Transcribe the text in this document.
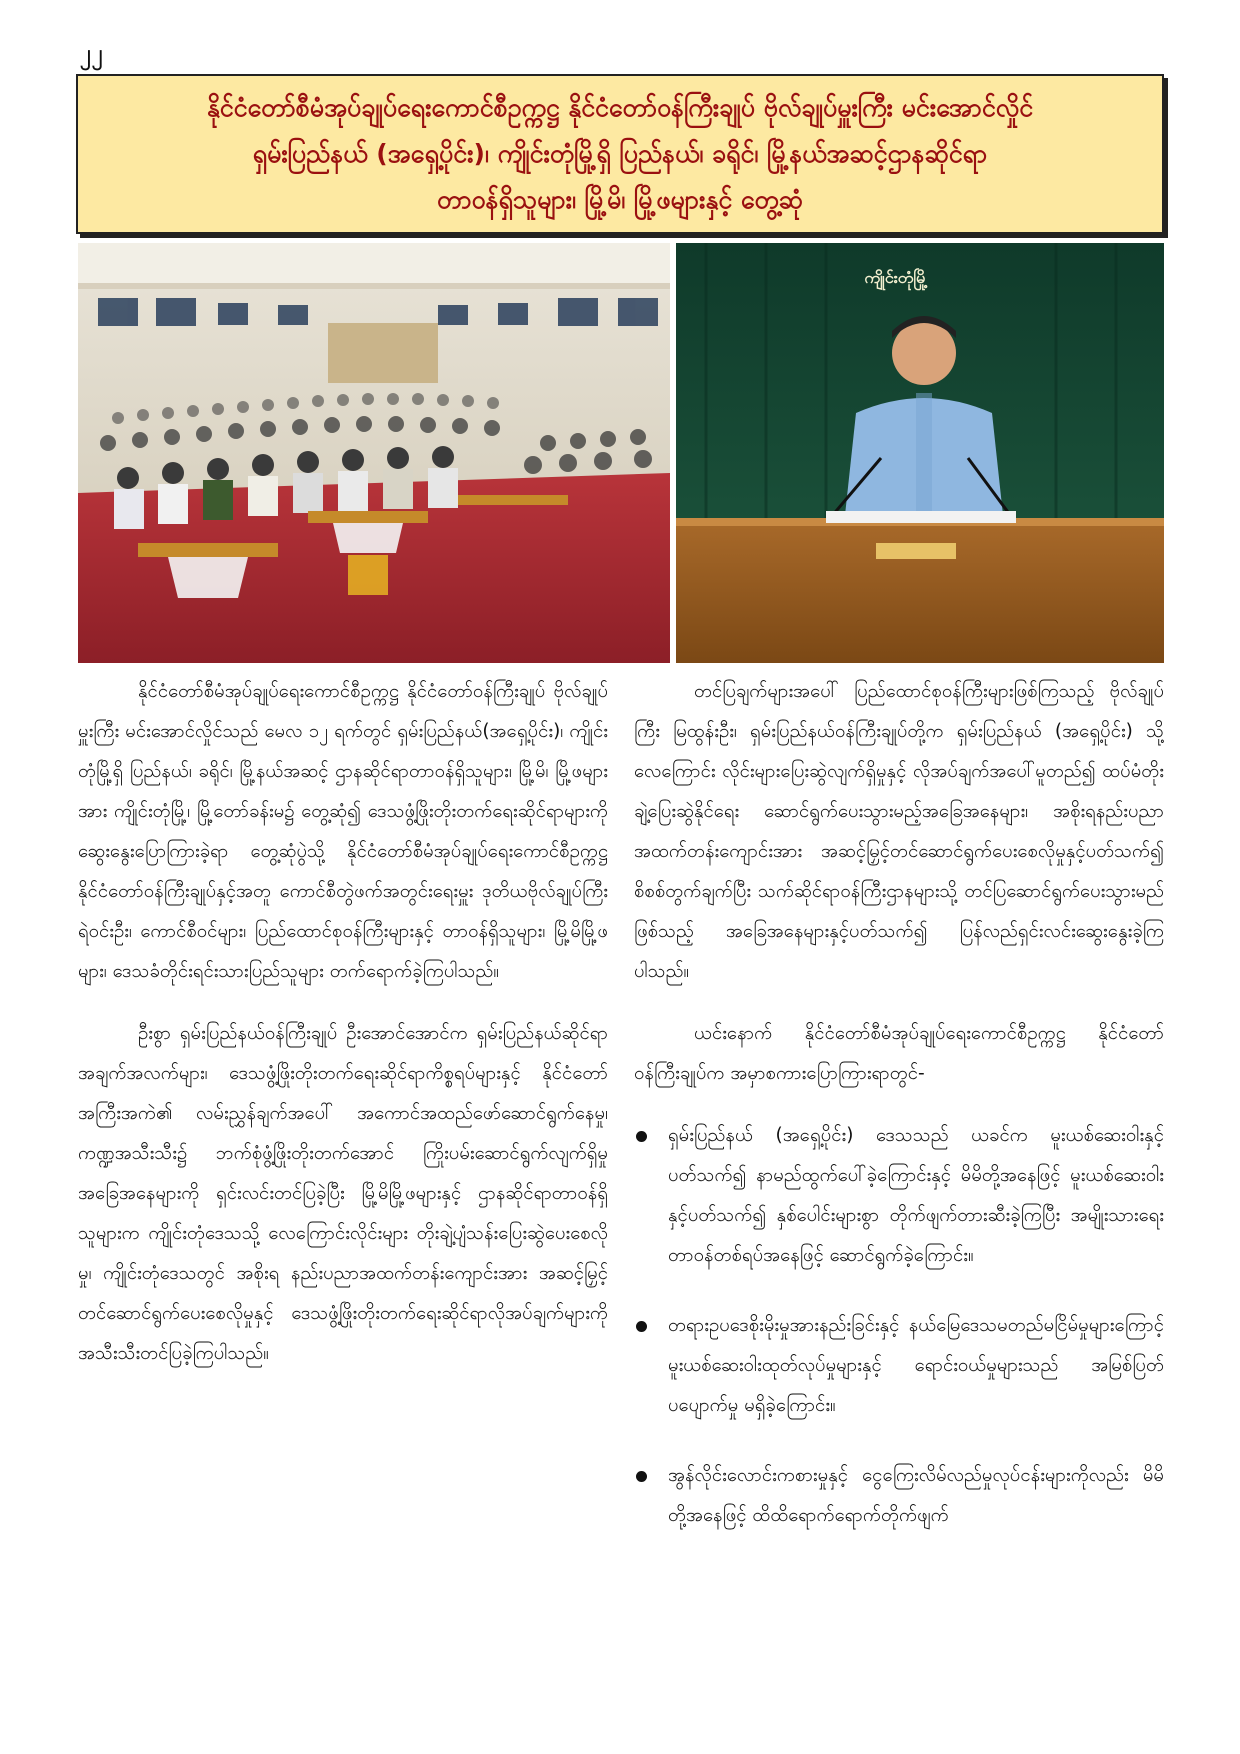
၂၂
နိုင်ငံတော်စီမံအုပ်ချုပ်ရေးကောင်စီဥက္ကဋ္ဌ နိုင်ငံတော်ဝန်ကြီးချုပ် ဗိုလ်ချုပ်မှူးကြီး မင်းအောင်လှိုင်
ရှမ်းပြည်နယ် (အရှေ့ပိုင်း)၊ ကျိုင်းတုံမြို့ရှိ ပြည်နယ်၊ ခရိုင်၊ မြို့နယ်အဆင့်ဌာနဆိုင်ရာ
တာဝန်ရှိသူများ၊ မြို့မိ၊ မြို့ဖများနှင့် တွေ့ဆုံ
ကျိုင်းတုံမြို့

နိုင်ငံတော်စီမံအုပ်ချုပ်ရေးကောင်စီဥက္ကဋ္ဌ နိုင်ငံတော်ဝန်ကြီးချုပ် ဗိုလ်ချုပ်မှူးကြီး မင်းအောင်လှိုင်သည် မေလ ၁၂ ရက်တွင် ရှမ်းပြည်နယ်(အရှေ့ပိုင်း)၊ ကျိုင်းတုံမြို့ရှိ ပြည်နယ်၊ ခရိုင်၊ မြို့နယ်အဆင့် ဌာနဆိုင်ရာတာဝန်ရှိသူများ၊ မြို့မိ၊ မြို့ဖများအား ကျိုင်းတုံမြို့၊ မြို့တော်ခန်းမ၌ တွေ့ဆုံ၍ ဒေသဖွံ့ဖြိုးတိုးတက်ရေးဆိုင်ရာများကို ဆွေးနွေးပြောကြားခဲ့ရာ တွေ့ဆုံပွဲသို့ နိုင်ငံတော်စီမံအုပ်ချုပ်ရေးကောင်စီဥက္ကဋ္ဌ နိုင်ငံတော်ဝန်ကြီးချုပ်နှင့်အတူ ကောင်စီတွဲဖက်အတွင်းရေးမှူး ဒုတိယဗိုလ်ချုပ်ကြီး ရဲဝင်းဦး၊ ကောင်စီဝင်များ၊ ပြည်ထောင်စုဝန်ကြီးများနှင့် တာဝန်ရှိသူများ၊ မြို့မိမြို့ဖများ၊ ဒေသခံတိုင်းရင်းသားပြည်သူများ တက်ရောက်ခဲ့ကြပါသည်။

ဦးစွာ ရှမ်းပြည်နယ်ဝန်ကြီးချုပ် ဦးအောင်အောင်က ရှမ်းပြည်နယ်ဆိုင်ရာ အချက်အလက်များ၊ ဒေသဖွံ့ဖြိုးတိုးတက်ရေးဆိုင်ရာကိစ္စရပ်များနှင့် နိုင်ငံတော်အကြီးအကဲ၏ လမ်းညွှန်ချက်အပေါ် အကောင်အထည်ဖော်ဆောင်ရွက်နေမှု၊ ကဏ္ဍအသီးသီး၌ ဘက်စုံဖွံ့ဖြိုးတိုးတက်အောင် ကြိုးပမ်းဆောင်ရွက်လျက်ရှိမှု အခြေအနေများကို ရှင်းလင်းတင်ပြခဲ့ပြီး မြို့မိမြို့ဖများနှင့် ဌာနဆိုင်ရာတာဝန်ရှိသူများက ကျိုင်းတုံဒေသသို့ လေကြောင်းလိုင်းများ တိုးချဲ့ပျံသန်းပြေးဆွဲပေးစေလိုမှု၊ ကျိုင်းတုံဒေသတွင် အစိုးရ နည်းပညာအထက်တန်းကျောင်းအား အဆင့်မြှင့်တင်ဆောင်ရွက်ပေးစေလိုမှုနှင့် ဒေသဖွံ့ဖြိုးတိုးတက်ရေးဆိုင်ရာလိုအပ်ချက်များကို အသီးသီးတင်ပြခဲ့ကြပါသည်။

တင်ပြချက်များအပေါ် ပြည်ထောင်စုဝန်ကြီးများဖြစ်ကြသည့် ဗိုလ်ချုပ်ကြီး မြထွန်းဦး၊ ရှမ်းပြည်နယ်ဝန်ကြီးချုပ်တို့က ရှမ်းပြည်နယ် (အရှေ့ပိုင်း) သို့ လေကြောင်း လိုင်းများပြေးဆွဲလျက်ရှိမှုနှင့် လိုအပ်ချက်အပေါ်မူတည်၍ ထပ်မံတိုးချဲ့ပြေးဆွဲနိုင်ရေး ဆောင်ရွက်ပေးသွားမည့်အခြေအနေများ၊ အစိုးရနည်းပညာ အထက်တန်းကျောင်းအား အဆင့်မြှင့်တင်ဆောင်ရွက်ပေးစေလိုမှုနှင့်ပတ်သက်၍ စိစစ်တွက်ချက်ပြီး သက်ဆိုင်ရာဝန်ကြီးဌာနများသို့ တင်ပြဆောင်ရွက်ပေးသွားမည်ဖြစ်သည့် အခြေအနေများနှင့်ပတ်သက်၍ ပြန်လည်ရှင်းလင်းဆွေးနွေးခဲ့ကြပါသည်။

ယင်းနောက် နိုင်ငံတော်စီမံအုပ်ချုပ်ရေးကောင်စီဥက္ကဋ္ဌ နိုင်ငံတော်ဝန်ကြီးချုပ်က အမှာစကားပြောကြားရာတွင်-

ရှမ်းပြည်နယ် (အရှေ့ပိုင်း) ဒေသသည် ယခင်က မူးယစ်ဆေးဝါးနှင့်ပတ်သက်၍ နာမည်ထွက်ပေါ်ခဲ့ကြောင်းနှင့် မိမိတို့အနေဖြင့် မူးယစ်ဆေးဝါးနှင့်ပတ်သက်၍ နှစ်ပေါင်းများစွာ တိုက်ဖျက်တားဆီးခဲ့ကြပြီး အမျိုးသားရေးတာဝန်တစ်ရပ်အနေဖြင့် ဆောင်ရွက်ခဲ့ကြောင်း။
တရားဥပဒေစိုးမိုးမှုအားနည်းခြင်းနှင့် နယ်မြေဒေသမတည်မငြိမ်မှုများကြောင့် မူးယစ်ဆေးဝါးထုတ်လုပ်မှုများနှင့် ရောင်းဝယ်မှုများသည် အမြစ်ပြတ်ပပျောက်မှု မရှိခဲ့ကြောင်း။
အွန်လိုင်းလောင်းကစားမှုနှင့် ငွေကြေးလိမ်လည်မှုလုပ်ငန်းများကိုလည်း မိမိတို့အနေဖြင့် ထိထိရောက်ရောက်တိုက်ဖျက်
